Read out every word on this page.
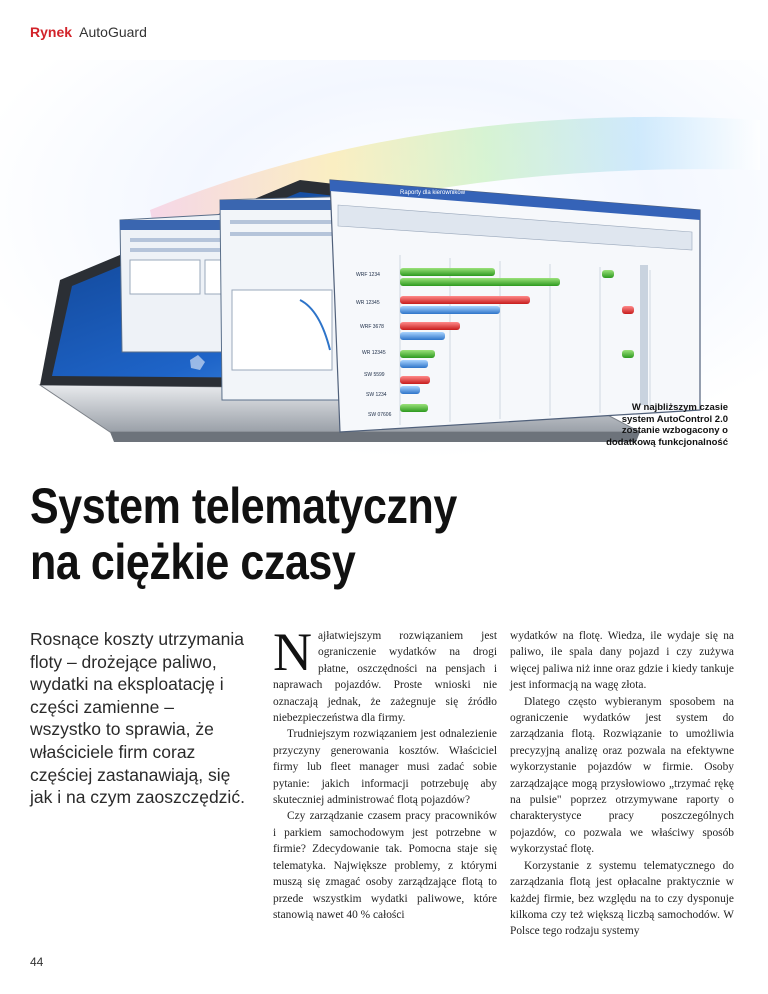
Rynek AutoGuard
Raporty dla kierowników
WRF 1234
WR 12345
WRF 3678
WR 12345
SW 5599
SW 1234
SW 07606
W najbliższym czasie system AutoControl 2.0 zostanie wzbogacony o dodatkową funkcjonalność
System telematyczny
na ciężkie czasy
Rosnące koszty utrzymania floty – drożejące paliwo, wydatki na eksploatację i części zamienne – wszystko to sprawia, że właściciele firm coraz częściej zastanawiają, się jak i na czym zaoszczędzić.

Najłatwiejszym rozwiązaniem jest ograniczenie wydatków na drogi płatne, oszczędności na pensjach i naprawach pojazdów. Proste wnioski nie oznaczają jednak, że zażegnuje się źródło niebezpieczeństwa dla firmy.

Trudniejszym rozwiązaniem jest odnalezienie przyczyny generowania kosztów. Właściciel firmy lub fleet manager musi zadać sobie pytanie: jakich informacji potrzebuję aby skuteczniej administrować flotą pojazdów?

Czy zarządzanie czasem pracy pracowników i parkiem samochodowym jest potrzebne w firmie? Zdecydowanie tak. Pomocna staje się telematyka. Największe problemy, z którymi muszą się zmagać osoby zarządzające flotą to przede wszystkim wydatki paliwowe, które stanowią nawet 40 % całości

wydatków na flotę. Wiedza, ile wydaje się na paliwo, ile spala dany pojazd i czy zużywa więcej paliwa niż inne oraz gdzie i kiedy tankuje jest informacją na wagę złota.

Dlatego często wybieranym sposobem na ograniczenie wydatków jest system do zarządzania flotą. Rozwiązanie to umożliwia precyzyjną analizę oraz pozwala na efektywne wykorzystanie pojazdów w firmie. Osoby zarządzające mogą przysłowiowo „trzymać rękę na pulsie" poprzez otrzymywane raporty o charakterystyce pracy poszczególnych pojazdów, co pozwala we właściwy sposób wykorzystać flotę.

Korzystanie z systemu telematycznego do zarządzania flotą jest opłacalne praktycznie w każdej firmie, bez względu na to czy dysponuje kilkoma czy też większą liczbą samochodów. W Polsce tego rodzaju systemy

44
